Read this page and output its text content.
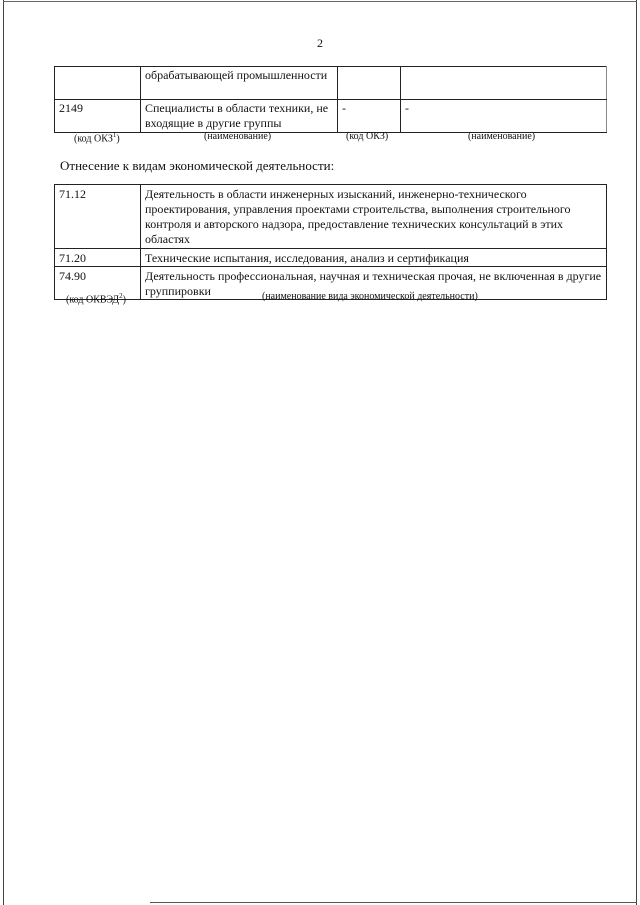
2
	обрабатывающей промышленности		
2149	Специалисты в области техники, не входящие в другие группы	-	-
(код ОКЗ$^1$)	(наименование)	(код ОКЗ)	(наименование)
Отнесение к видам экономической деятельности:
71.12	Деятельность в области инженерных изысканий, инженерно-технического проектирования, управления проектами строительства, выполнения строительного контроля и авторского надзора, предоставление технических консультаций в этих областях
71.20	Технические испытания, исследования, анализ и сертификация
74.90	Деятельность профессиональная, научная и техническая прочая, не включенная в другие группировки
(код ОКВЭД$^2$)	(наименование вида экономической деятельности)
